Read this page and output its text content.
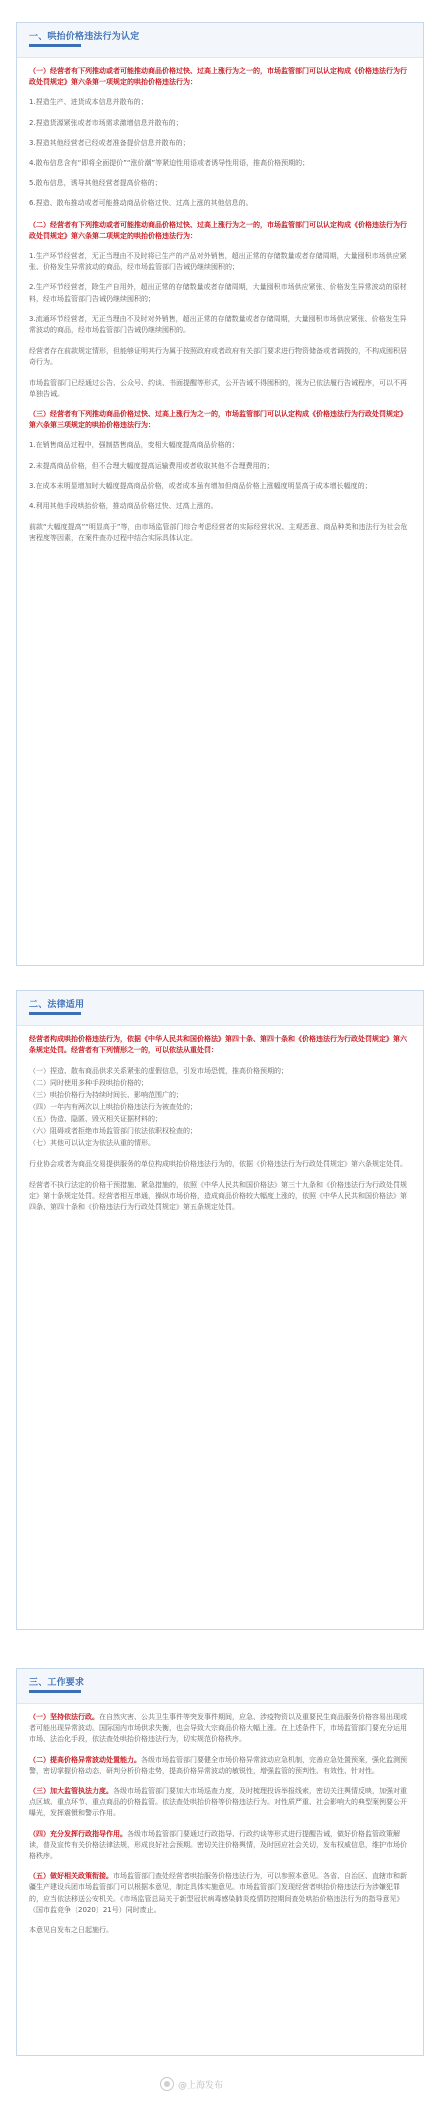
一、哄抬价格违法行为认定

（一）经营者有下列推动或者可能推动商品价格过快、过高上涨行为之一的，市场监管部门可以认定构成《价格违法行为行政处罚规定》第六条第一项规定的哄抬价格违法行为：

1.捏造生产、进货成本信息并散布的；

2.捏造货源紧张或者市场需求激增信息并散布的；

3.捏造其他经营者已经或者准备提价信息并散布的；

4.散布信息含有“即将全面提价”“涨价潮”等紧迫性用语或者诱导性用语，推高价格预期的；

5.散布信息，诱导其他经营者提高价格的；

6.捏造、散布推动或者可能推动商品价格过快、过高上涨的其他信息的。

（二）经营者有下列推动或者可能推动商品价格过快、过高上涨行为之一的，市场监管部门可以认定构成《价格违法行为行政处罚规定》第六条第二项规定的哄抬价格违法行为：

1.生产环节经营者，无正当理由不及时将已生产的产品对外销售，超出正常的存储数量或者存储周期，大量囤积市场供应紧张、价格发生异常波动的商品，经市场监管部门告诫仍继续囤积的；

2.生产环节经营者，除生产自用外，超出正常的存储数量或者存储周期，大量囤积市场供应紧张、价格发生异常波动的原材料，经市场监管部门告诫仍继续囤积的；

3.流通环节经营者，无正当理由不及时对外销售，超出正常的存储数量或者存储周期，大量囤积市场供应紧张、价格发生异常波动的商品，经市场监管部门告诫仍继续囤积的。

经营者存在前款规定情形，但能够证明其行为属于按照政府或者政府有关部门要求进行物资储备或者调拨的，不构成囤积居奇行为。

市场监管部门已经通过公告、公众号、约谈、书面提醒等形式，公开告诫不得囤积的，视为已依法履行告诫程序，可以不再单独告诫。

（三）经营者有下列推动商品价格过快、过高上涨行为之一的，市场监管部门可以认定构成《价格违法行为行政处罚规定》第六条第三项规定的哄抬价格违法行为：

1.在销售商品过程中，强制搭售商品，变相大幅度提高商品价格的；

2.未提高商品价格，但不合理大幅度提高运输费用或者收取其他不合理费用的；

3.在成本未明显增加时大幅度提高商品价格，或者成本虽有增加但商品价格上涨幅度明显高于成本增长幅度的；

4.利用其他手段哄抬价格，推动商品价格过快、过高上涨的。

前款“大幅度提高”“明显高于”等，由市场监管部门综合考虑经营者的实际经营状况、主观恶意、商品种类和违法行为社会危害程度等因素，在案件查办过程中结合实际具体认定。

二、法律适用

经营者构成哄抬价格违法行为，依据《中华人民共和国价格法》第四十条、第四十条和《价格违法行为行政处罚规定》第六条规定处罚。经营者有下列情形之一的，可以依法从重处罚：

（一）捏造、散布商品供求关系紧张的虚假信息，引发市场恐慌，推高价格预期的；
（二）同时使用多种手段哄抬价格的；
（三）哄抬价格行为持续时间长、影响范围广的；
（四）一年内有两次以上哄抬价格违法行为被查处的；
（五）伪造、隐匿、毁灭相关证据材料的；
（六）阻碍或者拒绝市场监管部门依法依职权检查的；
（七）其他可以认定为依法从重的情形。

行业协会或者为商品交易提供服务的单位构成哄抬价格违法行为的，依据《价格违法行为行政处罚规定》第六条规定处罚。

经营者不执行法定的价格干预措施、紧急措施的，依照《中华人民共和国价格法》第三十九条和《价格违法行为行政处罚规定》第十条规定处罚。经营者相互串通，操纵市场价格，造成商品价格较大幅度上涨的，依照《中华人民共和国价格法》第四条、第四十条和《价格违法行为行政处罚规定》第五条规定处罚。

三、工作要求

（一）坚持依法行政。在自然灾害、公共卫生事件等突发事件期间，应急、涉疫物资以及重要民生商品服务价格容易出现或者可能出现异常波动。国际国内市场供求失衡，也会导致大宗商品价格大幅上涨。在上述条件下，市场监管部门要充分运用市场、法治化手段，依法查处哄抬价格违法行为，切实规范价格秩序。

（二）提高价格异常波动处置能力。各级市场监管部门要健全市场价格异常波动应急机制，完善应急处置预案，强化监测预警，密切掌握价格动态，研判分析价格走势，提高价格异常波动的敏锐性，增强监管的预判性、有效性、针对性。

（三）加大监管执法力度。各级市场监管部门要加大市场巡查力度，及时梳理投诉举报线索，密切关注舆情反映，加强对重点区域、重点环节、重点商品的价格监管。依法查处哄抬价格等价格违法行为。对性质严重、社会影响大的典型案例要公开曝光，发挥震慑和警示作用。

（四）充分发挥行政指导作用。各级市场监管部门要通过行政指导、行政约谈等形式进行提醒告诫，做好价格监管政策解读，普及宣传有关价格法律法规，形成良好社会预期。密切关注价格舆情，及时回应社会关切，发布权威信息，维护市场价格秩序。

（五）做好相关政策衔接。市场监管部门查处经营者哄抬服务价格违法行为，可以参照本意见。各省、自治区、直辖市和新疆生产建设兵团市场监管部门可以根据本意见，制定具体实施意见。市场监管部门发现经营者哄抬价格违法行为涉嫌犯罪的，应当依法移送公安机关。《市场监管总局关于新型冠状病毒感染肺炎疫情防控期间查处哄抬价格违法行为的指导意见》（国市监竞争〔2020〕21号）同时废止。

本意见自发布之日起施行。

@上海发布
